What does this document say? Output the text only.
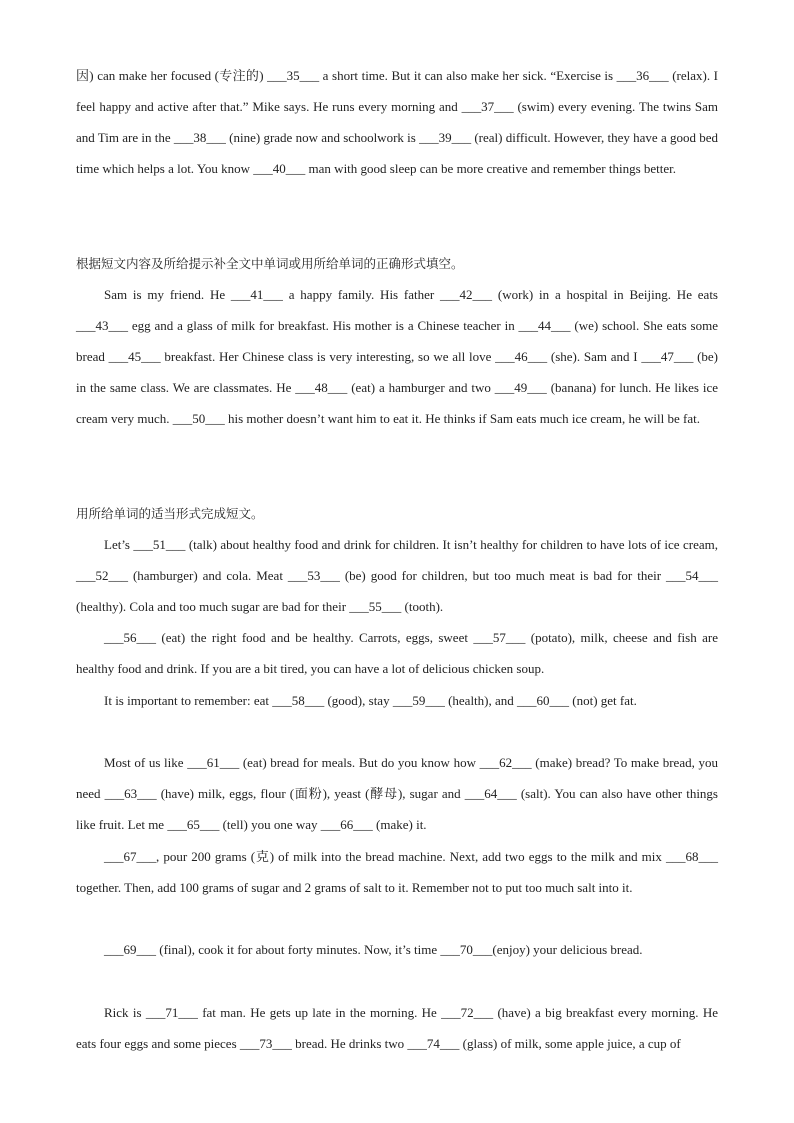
因) can make her focused (专注的) ___35___ a short time. But it can also make her sick. “Exercise is ___36___ (relax). I feel happy and active after that.” Mike says. He runs every morning and ___37___ (swim) every evening. The twins Sam and Tim are in the ___38___ (nine) grade now and schoolwork is ___39___ (real) difficult. However, they have a good bed time which helps a lot. You know ___40___ man with good sleep can be more creative and remember things better.

根据短文内容及所给提示补全文中单词或用所给单词的正确形式填空。

Sam is my friend. He ___41___ a happy family. His father ___42___ (work) in a hospital in Beijing. He eats ___43___ egg and a glass of milk for breakfast. His mother is a Chinese teacher in ___44___ (we) school. She eats some bread ___45___ breakfast. Her Chinese class is very interesting, so we all love ___46___ (she). Sam and I ___47___ (be) in the same class. We are classmates. He ___48___ (eat) a hamburger and two ___49___ (banana) for lunch. He likes ice cream very much. ___50___ his mother doesn’t want him to eat it. He thinks if Sam eats much ice cream, he will be fat.

用所给单词的适当形式完成短文。

Let’s ___51___ (talk) about healthy food and drink for children. It isn’t healthy for children to have lots of ice cream, ___52___ (hamburger) and cola. Meat ___53___ (be) good for children, but too much meat is bad for their ___54___ (healthy). Cola and too much sugar are bad for their ___55___ (tooth).

___56___ (eat) the right food and be healthy. Carrots, eggs, sweet ___57___ (potato), milk, cheese and fish are healthy food and drink. If you are a bit tired, you can have a lot of delicious chicken soup.

It is important to remember: eat ___58___ (good), stay ___59___ (health), and ___60___ (not) get fat.

Most of us like ___61___ (eat) bread for meals. But do you know how ___62___ (make) bread? To make bread, you need ___63___ (have) milk, eggs, flour (面粉), yeast (酵母), sugar and ___64___ (salt). You can also have other things like fruit. Let me ___65___ (tell) you one way ___66___ (make) it.

___67___, pour 200 grams (克) of milk into the bread machine. Next, add two eggs to the milk and mix ___68___ together. Then, add 100 grams of sugar and 2 grams of salt to it. Remember not to put too much salt into it.

___69___ (final), cook it for about forty minutes. Now, it’s time ___70___(enjoy) your delicious bread.

Rick is ___71___ fat man. He gets up late in the morning. He ___72___ (have) a big breakfast every morning. He eats four eggs and some pieces ___73___ bread. He drinks two ___74___ (glass) of milk, some apple juice, a cup of
